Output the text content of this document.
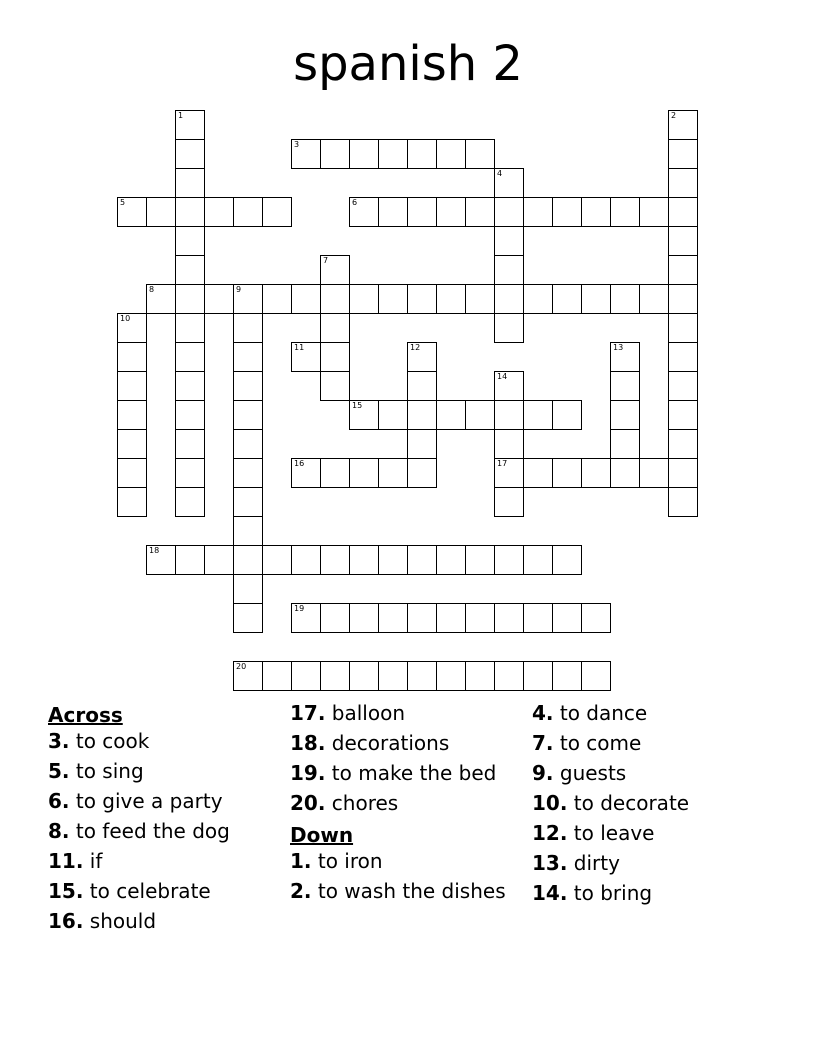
spanish 2
1	2
3
4
5	6
7
8	9
10
11	12	13
14
17
15
16
18
19
20
Across
3. to cook
5. to sing
6. to give a party
8. to feed the dog
11. if
15. to celebrate
16. should
17. balloon
18. decorations
19. to make the bed
20. chores
Down
1. to iron
2. to wash the dishes
4. to dance
7. to come
9. guests
10. to decorate
12. to leave
13. dirty
14. to bring
